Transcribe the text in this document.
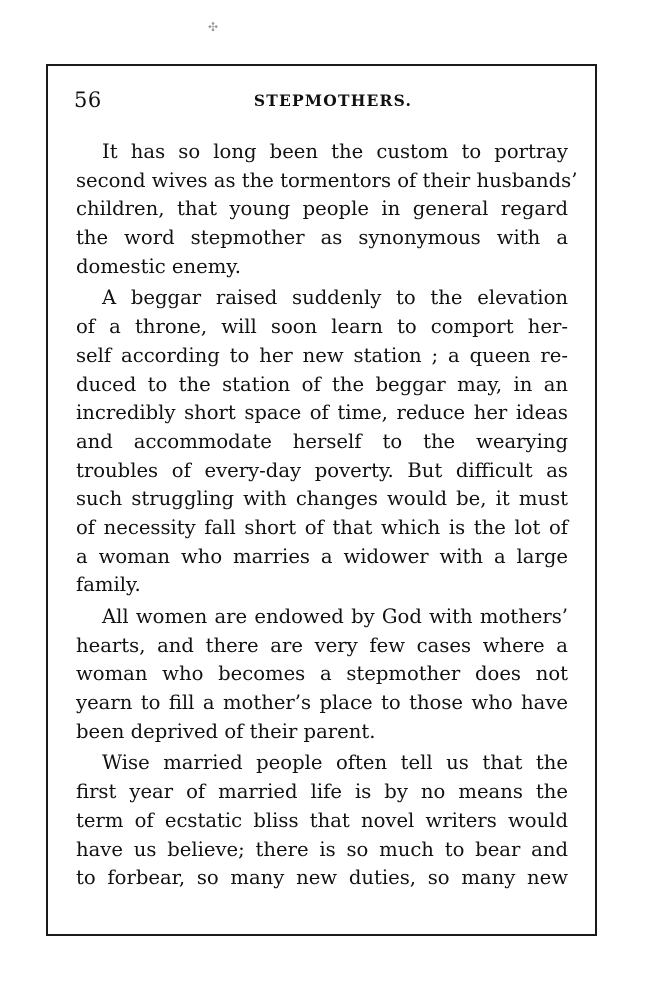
✣
56	STEPMOTHERS.

It has so long been the custom to portray
second wives as the tormentors of their husbands’
children, that young people in general regard
the word stepmother as synonymous with a
domestic enemy.

A beggar raised suddenly to the elevation
of a throne, will soon learn to comport her-
self according to her new station ; a queen re-
duced to the station of the beggar may, in an
incredibly short space of time, reduce her ideas
and accommodate herself to the wearying
troubles of every-day poverty. But difficult as
such struggling with changes would be, it must
of necessity fall short of that which is the lot of
a woman who marries a widower with a large
family.

All women are endowed by God with mothers’
hearts, and there are very few cases where a
woman who becomes a stepmother does not
yearn to fill a mother’s place to those who have
been deprived of their parent.

Wise married people often tell us that the
first year of married life is by no means the
term of ecstatic bliss that novel writers would
have us believe; there is so much to bear and
to forbear, so many new duties, so many new
